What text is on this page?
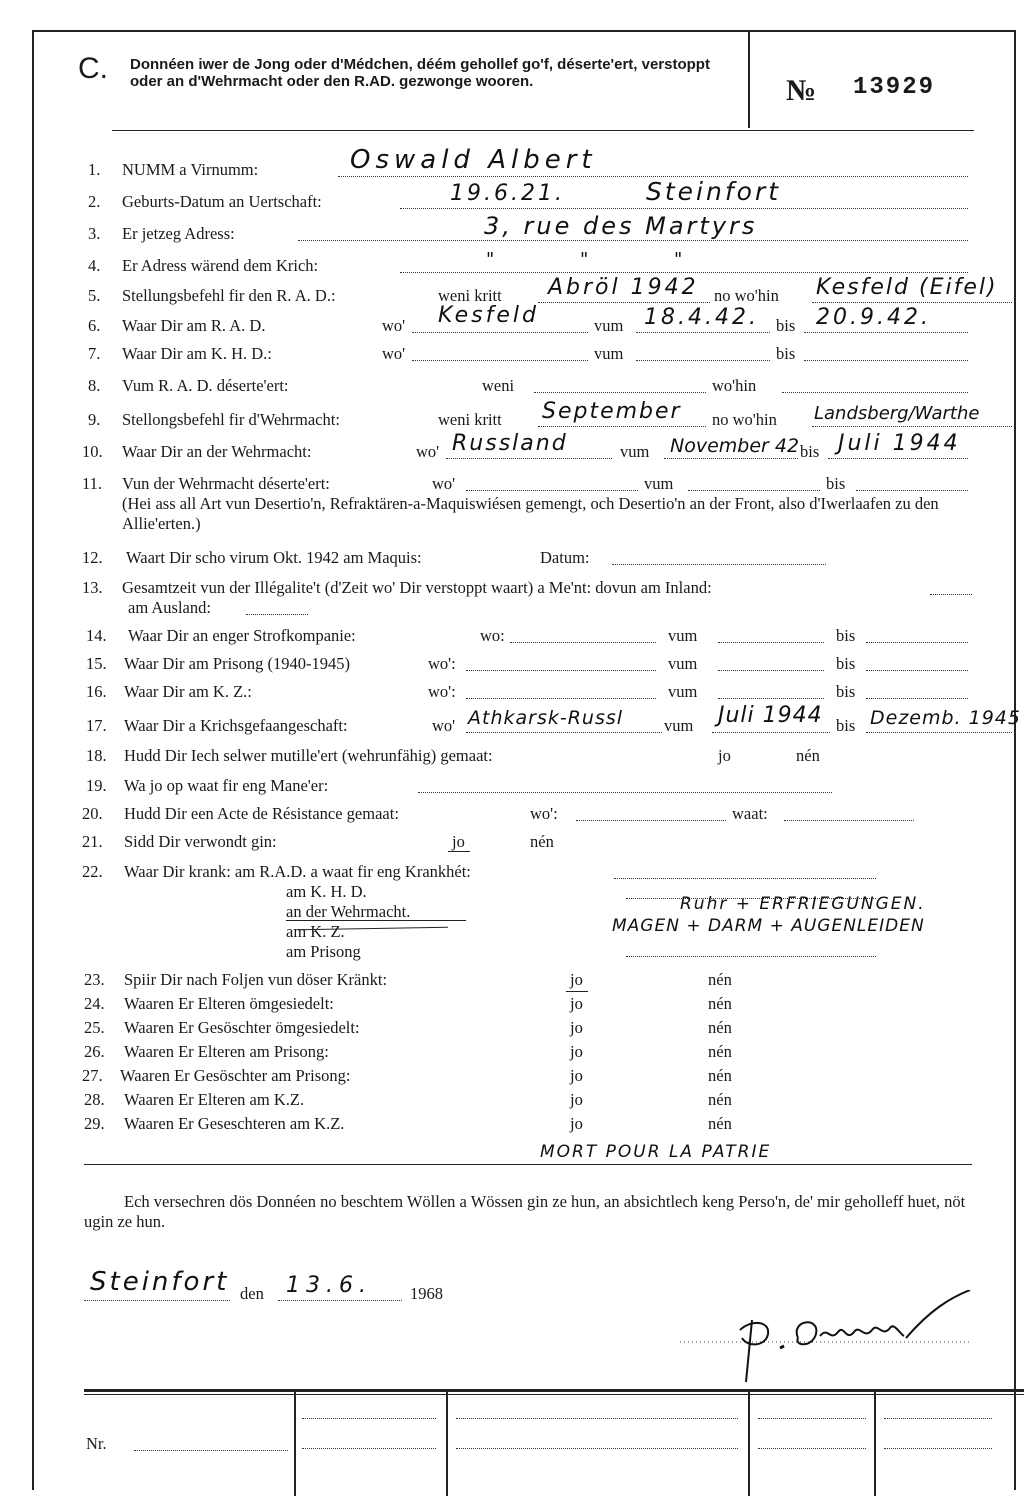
C. Donnéen iwer de Jong oder d'Médchen, déém gehollef go'f, déserte'ert, verstoppt oder an d'Wehrmacht oder den R.AD. gezwonge wooren.	№ 13929
1. NUMM a Virnumm:	Oswald Albert
2. Geburts-Datum an Uertschaft:	19.6.21.	Steinfort
3. Er jetzeg Adress:	3, rue des Martyrs
4. Er Adress wärend dem Krich:	" " "
5. Stellungsbefehl fir den R. A. D.:	weni kritt Abröl 1942 no wo'hin Kesfeld (Eifel)
6. Waar Dir am R. A. D.	wo' Kesfeld	vum 18.4.42. bis 20.9.42.
7. Waar Dir am K. H. D.:	wo'	vum	bis
8. Vum R. A. D. déserte'ert:	weni	wo'hin
9. Stellongsbefehl fir d'Wehrmacht:	weni kritt September no wo'hin Landsberg/Warthe
10. Waar Dir an der Wehrmacht:	wo' Russland	vum November 42 bis Juli 1944
11. Vun der Wehrmacht déserte'ert:	wo'	vum	bis
(Hei ass all Art vun Desertio'n, Refraktären-a-Maquiswiésen gemengt, och Desertio'n an der Front, also d'Iwerlaafen zu den Allie'erten.)
12. Waart Dir scho virum Okt. 1942 am Maquis:	Datum:
13. Gesamtzeit vun der Illégalite't (d'Zeit wo' Dir verstoppt waart) a Me'nt: dovun am Inland:
am Ausland:
14. Waar Dir an enger Strofkompanie:	wo:	vum	bis
15. Waar Dir am Prisong (1940-1945)	wo':	vum	bis
16. Waar Dir am K. Z.:	wo':	vum	bis
17. Waar Dir a Krichsgefaangeschaft:	wo' Athkarsk-Russl vum Juli 1944 bis Dezemb. 1945
18. Hudd Dir Iech selwer mutille'ert (wehrunfähig) gemaat:	jo	nén
19. Wa jo op waat fir eng Mane'er:
20. Hudd Dir een Acte de Résistance gemaat:	wo':	waat:
21. Sidd Dir verwondt gin:	jo	nén
22. Waar Dir krank: am R.A.D. a waat fir eng Krankhét:
am K. H. D.
an der Wehrmacht.
am K. Z.
am Prisong
Ruhr + ERFRIEGUNGEN.
MAGEN + DARM + AUGENLEIDEN
23. Spiir Dir nach Foljen vun döser Kränkt:	jo	nén
24. Waaren Er Elteren ömgesiedelt:	jo	nén
25. Waaren Er Gesöschter ömgesiedelt:	jo	nén
26. Waaren Er Elteren am Prisong:	jo	nén
27. Waaren Er Gesöschter am Prisong:	jo	nén
28. Waaren Er Elteren am K.Z.	jo	nén
29. Waaren Er Geseschteren am K.Z.	jo	nén
MORT POUR LA PATRIE
Ech versechren dös Donnéen no beschtem Wöllen a Wössen gin ze hun, an absichtlech keng Perso'n, de' mir geholleff huet, nöt ugin ze hun.
Steinfort den 13.6. 1968
Nr.
